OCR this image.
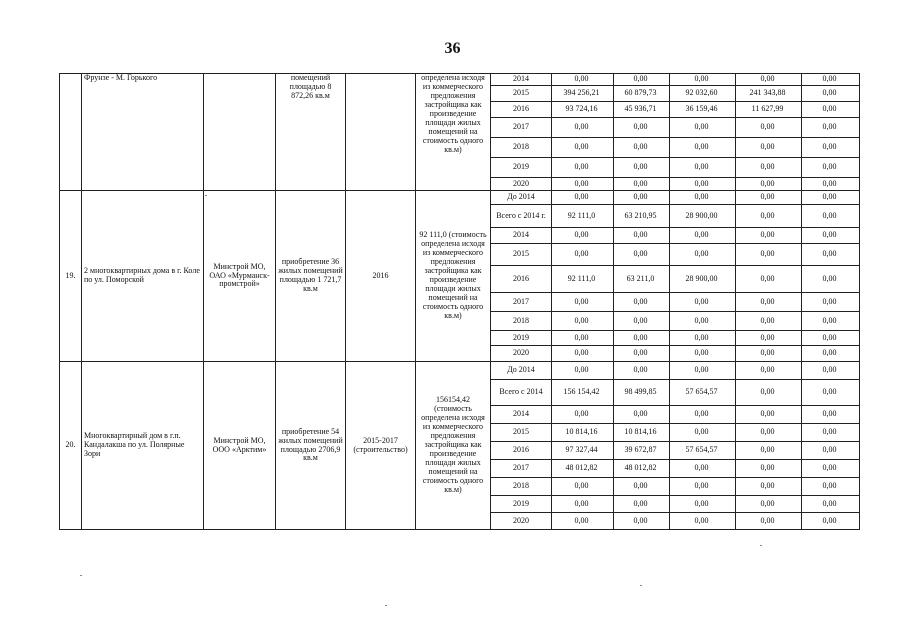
36
	Фрунзе - М. Горького		помещений площадью 8 872,26 кв.м		определена исходя из коммерческого предложения застройщика как произведение площади жилых помещений на стоимость одного кв.м)	2014	0,00	0,00	0,00	0,00	0,00
						2015	394 256,21	60 879,73	92 032,60	241 343,88	0,00
						2016	93 724,16	45 936,71	36 159,46	11 627,99	0,00
						2017	0,00	0,00	0,00	0,00	0,00
						2018	0,00	0,00	0,00	0,00	0,00
						2019	0,00	0,00	0,00	0,00	0,00
						2020	0,00	0,00	0,00	0,00	0,00
19.	2 многоквартирных дома в г. Коле по ул. Поморской	Минстрой МО, ОАО «Мурманск-промстрой»	приобретение 36 жилых помещений площадью 1 721,7 кв.м	2016	92 111,0 (стоимость определена исходя из коммерческого предложения застройщика как произведение площади жилых помещений на стоимость одного кв.м)	До 2014	0,00	0,00	0,00	0,00	0,00
						Всего с 2014 г.	92 111,0	63 210,95	28 900,00	0,00	0,00
						2014	0,00	0,00	0,00	0,00	0,00
						2015	0,00	0,00	0,00	0,00	0,00
						2016	92 111,0	63 211,0	28 900,00	0,00	0,00
						2017	0,00	0,00	0,00	0,00	0,00
						2018	0,00	0,00	0,00	0,00	0,00
						2019	0,00	0,00	0,00	0,00	0,00
						2020	0,00	0,00	0,00	0,00	0,00
20.	Многоквартирный дом в г.п. Кандалакша по ул. Полярные Зори	Минстрой МО, ООО «Арктим»	приобретение 54 жилых помещений площадью 2706,9 кв.м	2015-2017 (строительство)	156154,42 (стоимость определена исходя из коммерческого предложения застройщика как произведение площади жилых помещений на стоимость одного кв.м)	До 2014	0,00	0,00	0,00	0,00	0,00
						Всего с 2014	156 154,42	98 499,85	57 654,57	0,00	0,00
						2014	0,00	0,00	0,00	0,00	0,00
						2015	10 814,16	10 814,16	0,00	0,00	0,00
						2016	97 327,44	39 672,87	57 654,57	0,00	0,00
						2017	48 012,82	48 012,82	0,00	0,00	0,00
						2018	0,00	0,00	0,00	0,00	0,00
						2019	0,00	0,00	0,00	0,00	0,00
						2020	0,00	0,00	0,00	0,00	0,00
